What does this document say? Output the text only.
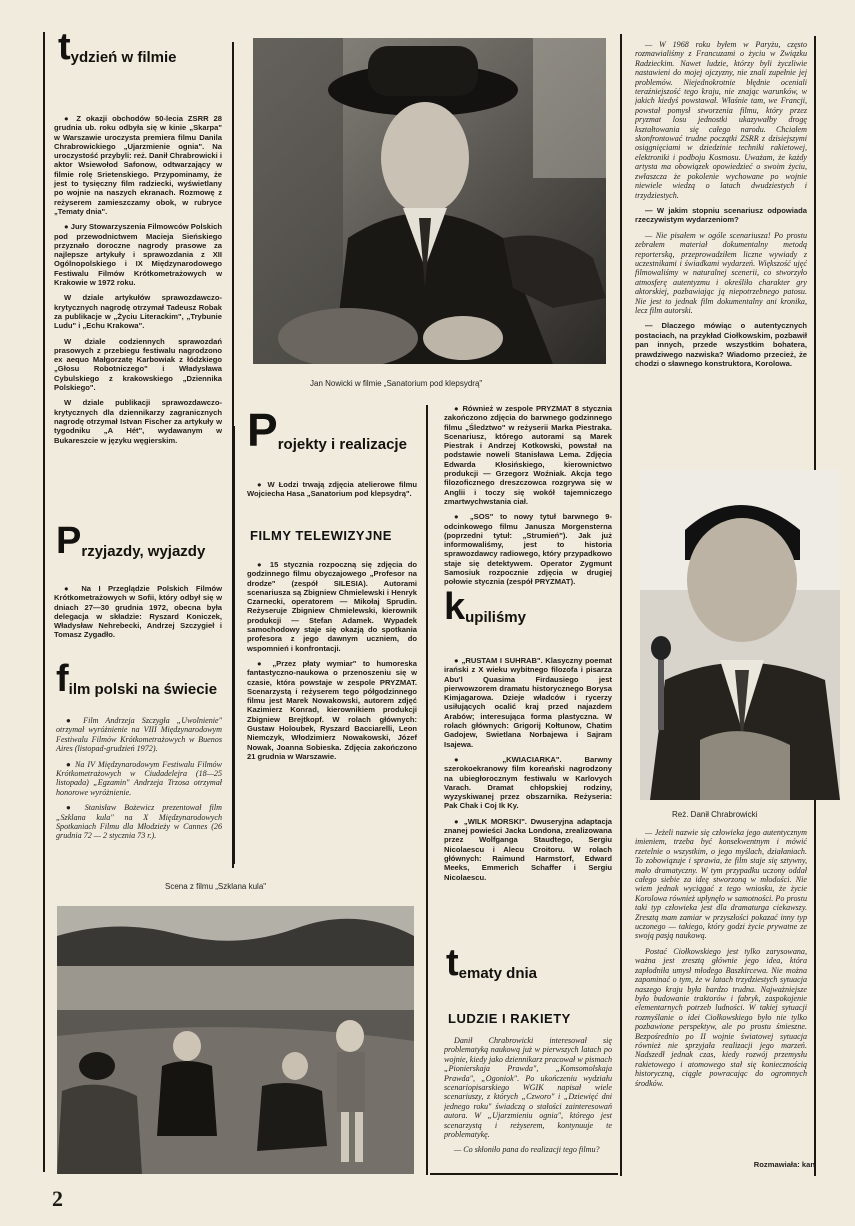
tydzień w filmie

● Z okazji obchodów 50-lecia ZSRR 28 grudnia ub. roku odbyła się w kinie „Skarpa" w Warszawie uroczysta premiera filmu Danila Chrabrowickiego „Ujarzmienie ognia". Na uroczystość przybyli: reż. Danił Chrabrowicki i aktor Wsiewołod Safonow, odtwarzający w filmie rolę Srietenskiego. Przypominamy, że jest to tysięczny film radziecki, wyświetlany po wojnie na naszych ekranach. Rozmowę z reżyserem zamieszczamy obok, w rubryce „Tematy dnia".

● Jury Stowarzyszenia Filmowców Polskich pod przewodnictwem Macieja Sieńskiego przyznało doroczne nagrody prasowe za najlepsze artykuły i sprawozdania z XII Ogólnopolskiego i IX Międzynarodowego Festiwalu Filmów Krótkometrażowych w Krakowie w 1972 roku.

W dziale artykułów sprawozdawczo-krytycznych nagrodę otrzymał Tadeusz Robak za publikacje w „Życiu Literackim", „Trybunie Ludu" i „Echu Krakowa".

W dziale codziennych sprawozdań prasowych z przebiegu festiwalu nagrodzono ex aequo Małgorzatę Karbowiak z łódzkiego „Głosu Robotniczego" i Władysława Cybulskiego z krakowskiego „Dziennika Polskiego".

W dziale publikacji sprawozdawczo-krytycznych dla dziennikarzy zagranicznych nagrodę otrzymał Istvan Fischer za artykuły w tygodniku „A Hét", wydawanym w Bukareszcie w języku węgierskim.

Przyjazdy, wyjazdy

● Na I Przeglądzie Polskich Filmów Krótkometrażowych w Sofii, który odbył się w dniach 27—30 grudnia 1972, obecna była delegacja w składzie: Ryszard Koniczek, Władysław Nehrebecki, Andrzej Szczygieł i Tomasz Zygadło.

film polski na świecie

● Film Andrzeja Szczygła „Uwolnienie" otrzymał wyróżnienie na VIII Międzynarodowym Festiwalu Filmów Krótkometrażowych w Buenos Aires (listopad-grudzień 1972).

● Na IV Międzynarodowym Festiwalu Filmów Krótkometrażowych w Ciudadelejra (18—25 listopada) „Egzamin" Andrzeja Trzosa otrzymał honorowe wyróżnienie.

● Stanisław Bożewicz prezentował film „Szklana kula" na X Międzynarodowych Spotkaniach Filmu dla Młodzieży w Cannes (26 grudnia 72 — 2 stycznia 73 r.).

Jan Nowicki w filmie „Sanatorium pod klepsydrą"
Projekty i realizacje

● W Łodzi trwają zdjęcia atelierowe filmu Wojciecha Hasa „Sanatorium pod klepsydrą".

FILMY TELEWIZYJNE

● 15 stycznia rozpoczną się zdjęcia do godzinnego filmu obyczajowego „Profesor na drodze" (zespół SILESIA). Autorami scenariusza są Zbigniew Chmielewski i Henryk Czarnecki, operatorem — Mikołaj Sprudin. Reżyseruje Zbigniew Chmielewski, kierownik produkcji — Stefan Adamek. Wypadek samochodowy staje się okazją do spotkania profesora z jego dawnym uczniem, do wspomnień i konfrontacji.

● „Przez płaty wymiar" to humoreska fantastyczno-naukowa o przenoszeniu się w czasie, która powstaje w zespole PRYZMAT. Scenarzystą i reżyserem tego półgodzinnego filmu jest Marek Nowakowski, autorem zdjęć Kazimierz Konrad, kierownikiem produkcji Zbigniew Brejtkopf. W rolach głównych: Gustaw Holoubek, Ryszard Bacciarelli, Leon Niemczyk, Włodzimierz Nowakowski, Józef Nowak, Joanna Sobieska. Zdjęcia zakończono 21 grudnia w Warszawie.

● Również w zespole PRYZMAT 8 stycznia zakończono zdjęcia do barwnego godzinnego filmu „Śledztwo" w reżyserii Marka Piestraka. Scenariusz, którego autorami są Marek Piestrak i Andrzej Kotkowski, powstał na podstawie noweli Stanisława Lema. Zdjęcia Edwarda Kłosińskiego, kierownictwo produkcji — Grzegorz Woźniak. Akcja tego filozoficznego dreszczowca rozgrywa się w Anglii i toczy się wokół tajemniczego zmartwychwstania ciał.

● „SOS" to nowy tytuł barwnego 9-odcinkowego filmu Janusza Morgensterna (poprzedni tytuł: „Strumień"). Jak już informowaliśmy, jest to historia sprawozdawcy radiowego, który przypadkowo staje się detektywem. Operator Zygmunt Samosiuk rozpocznie zdjęcia w drugiej połowie stycznia (zespół PRYZMAT).

kupiliśmy

● „RUSTAM I SUHRAB". Klasyczny poemat irański z X wieku wybitnego filozofa i pisarza Abu'l Quasima Firdausiego jest pierwowzorem dramatu historycznego Borysa Kimjagarowa. Dzieje władców i rycerzy usiłujących ocalić kraj przed najazdem Arabów; interesująca forma plastyczna. W rolach głównych: Grigorij Kołtunow, Chatim Gadojew, Swietlana Norbajewa i Sajram Isajewa.

● „KWIACIARKA". Barwny szerokoekranowy film koreański nagrodzony na ubiegłorocznym festiwalu w Karlovych Varach. Dramat chłopskiej rodziny, wyzyskiwanej przez obszarnika. Reżyseria: Pak Chak i Coj Ik Ky.

● „WILK MORSKI". Dwuseryjna adaptacja znanej powieści Jacka Londona, zrealizowana przez Wolfganga Staudtego, Sergiu Nicolaescu i Alecu Croitoru. W rolach głównych: Raimund Harmstorf, Edward Meeks, Emmerich Schaffer i Sergiu Nicolaescu.

tematy dnia
LUDZIE I RAKIETY

Danił Chrabrowicki interesował się problematyką naukową już w pierwszych latach po wojnie, kiedy jako dziennikarz pracował w pismach „Pionierskaja Prawda", „Komsomolskaja Prawda", „Ogoniok". Po ukończeniu wydziału scenariopisarskiego WGIK napisał wiele scenariuszy, z których „Czworo" i „Dziewięć dni jednego roku" świadczą o stałości zainteresowań autora. W „Ujarzmieniu ognia", którego jest scenarzystą i reżyserem, kontynuuje te problematykę.

— Co skłoniło pana do realizacji tego filmu?

Scena z filmu „Szklana kula"

— W 1968 roku byłem w Paryżu, często rozmawialiśmy z Francuzami o życiu w Związku Radzieckim. Nawet ludzie, którzy byli życzliwie nastawieni do mojej ojczyzny, nie znali zupełnie jej problemów. Niejednokrotnie błędnie oceniali teraźniejszość tego kraju, nie znając warunków, w jakich kiedyś powstawał. Właśnie tam, we Francji, powstał pomysł stworzenia filmu, który przez pryzmat losu jednostki ukazywałby drogę kształtowania się całego narodu. Chciałem skonfrontować trudne początki ZSRR z dzisiejszymi osiągnięciami w dziedzinie techniki rakietowej, elektroniki i podboju Kosmosu. Uważam, że każdy artysta ma obowiązek opowiedzieć o swoim życiu, zwłaszcza że pokolenie wychowane po wojnie niewiele wiedzą o latach dwudziestych i trzydziestych.

— W jakim stopniu scenariusz odpowiada rzeczywistym wydarzeniom?

— Nie pisałem w ogóle scenariusza! Po prostu zebrałem materiał dokumentalny metodą reporterską, przeprowadziłem liczne wywiady z uczestnikami i świadkami wydarzeń. Większość ujęć filmowaliśmy w naturalnej scenerii, co stworzyło atmosferę autentyzmu i określiło charakter gry aktorskiej, pozbawiając ją niepotrzebnego patosu. Nie jest to jednak film dokumentalny ani kronika, lecz film autorski.

— Dlaczego mówiąc o autentycznych postaciach, na przykład Ciołkowskim, pozbawił pan innych, przede wszystkim bohatera, prawdziwego nazwiska? Wiadomo przecież, że chodzi o sławnego konstruktora, Korolowa.

Reż. Danił Chrabrowicki

— Jeżeli nazwie się człowieka jego autentycznym imieniem, trzeba być konsekwentnym i mówić rzetelnie o wszystkim, o jego myślach, działaniach. To zobowiązuje i sprawia, że film staje się sztywny, mało dramatyczny. W tym przypadku uczony oddał całego siebie za ideę stworzoną w młodości. Nie wiem jednak wyciągać z tego wniosku, że życie Korolowa również upłynęło w samotności. Po prostu taki typ człowieka jest dla dramaturga ciekawszy. Zresztą mam zamiar w przyszłości pokazać inny typ uczonego — takiego, który godzi życie prywatne ze swoją pasją naukową.

Postać Ciołkowskiego jest tylko zarysowana, ważna jest zresztą głównie jego idea, która zapłodniła umysł młodego Baszkircewa. Nie można zapominać o tym, że w latach trzydziestych sytuacja naszego kraju była bardzo trudna. Najważniejsze było budowanie traktorów i fabryk, zaspokojenie elementarnych potrzeb ludności. W takiej sytuacji rozmyślanie o idei Ciołkowskiego było nie tylko pozbawione perspektyw, ale po prostu śmieszne. Bezpośrednio po II wojnie światowej sytuacja również nie sprzyjała realizacji jego marzeń. Nadszedł jednak czas, kiedy rozwój przemysłu rakietowego i atomowego stał się koniecznością historyczną, ciągle powracając do ogromnych środków.

Rozmawiała: kan
2
